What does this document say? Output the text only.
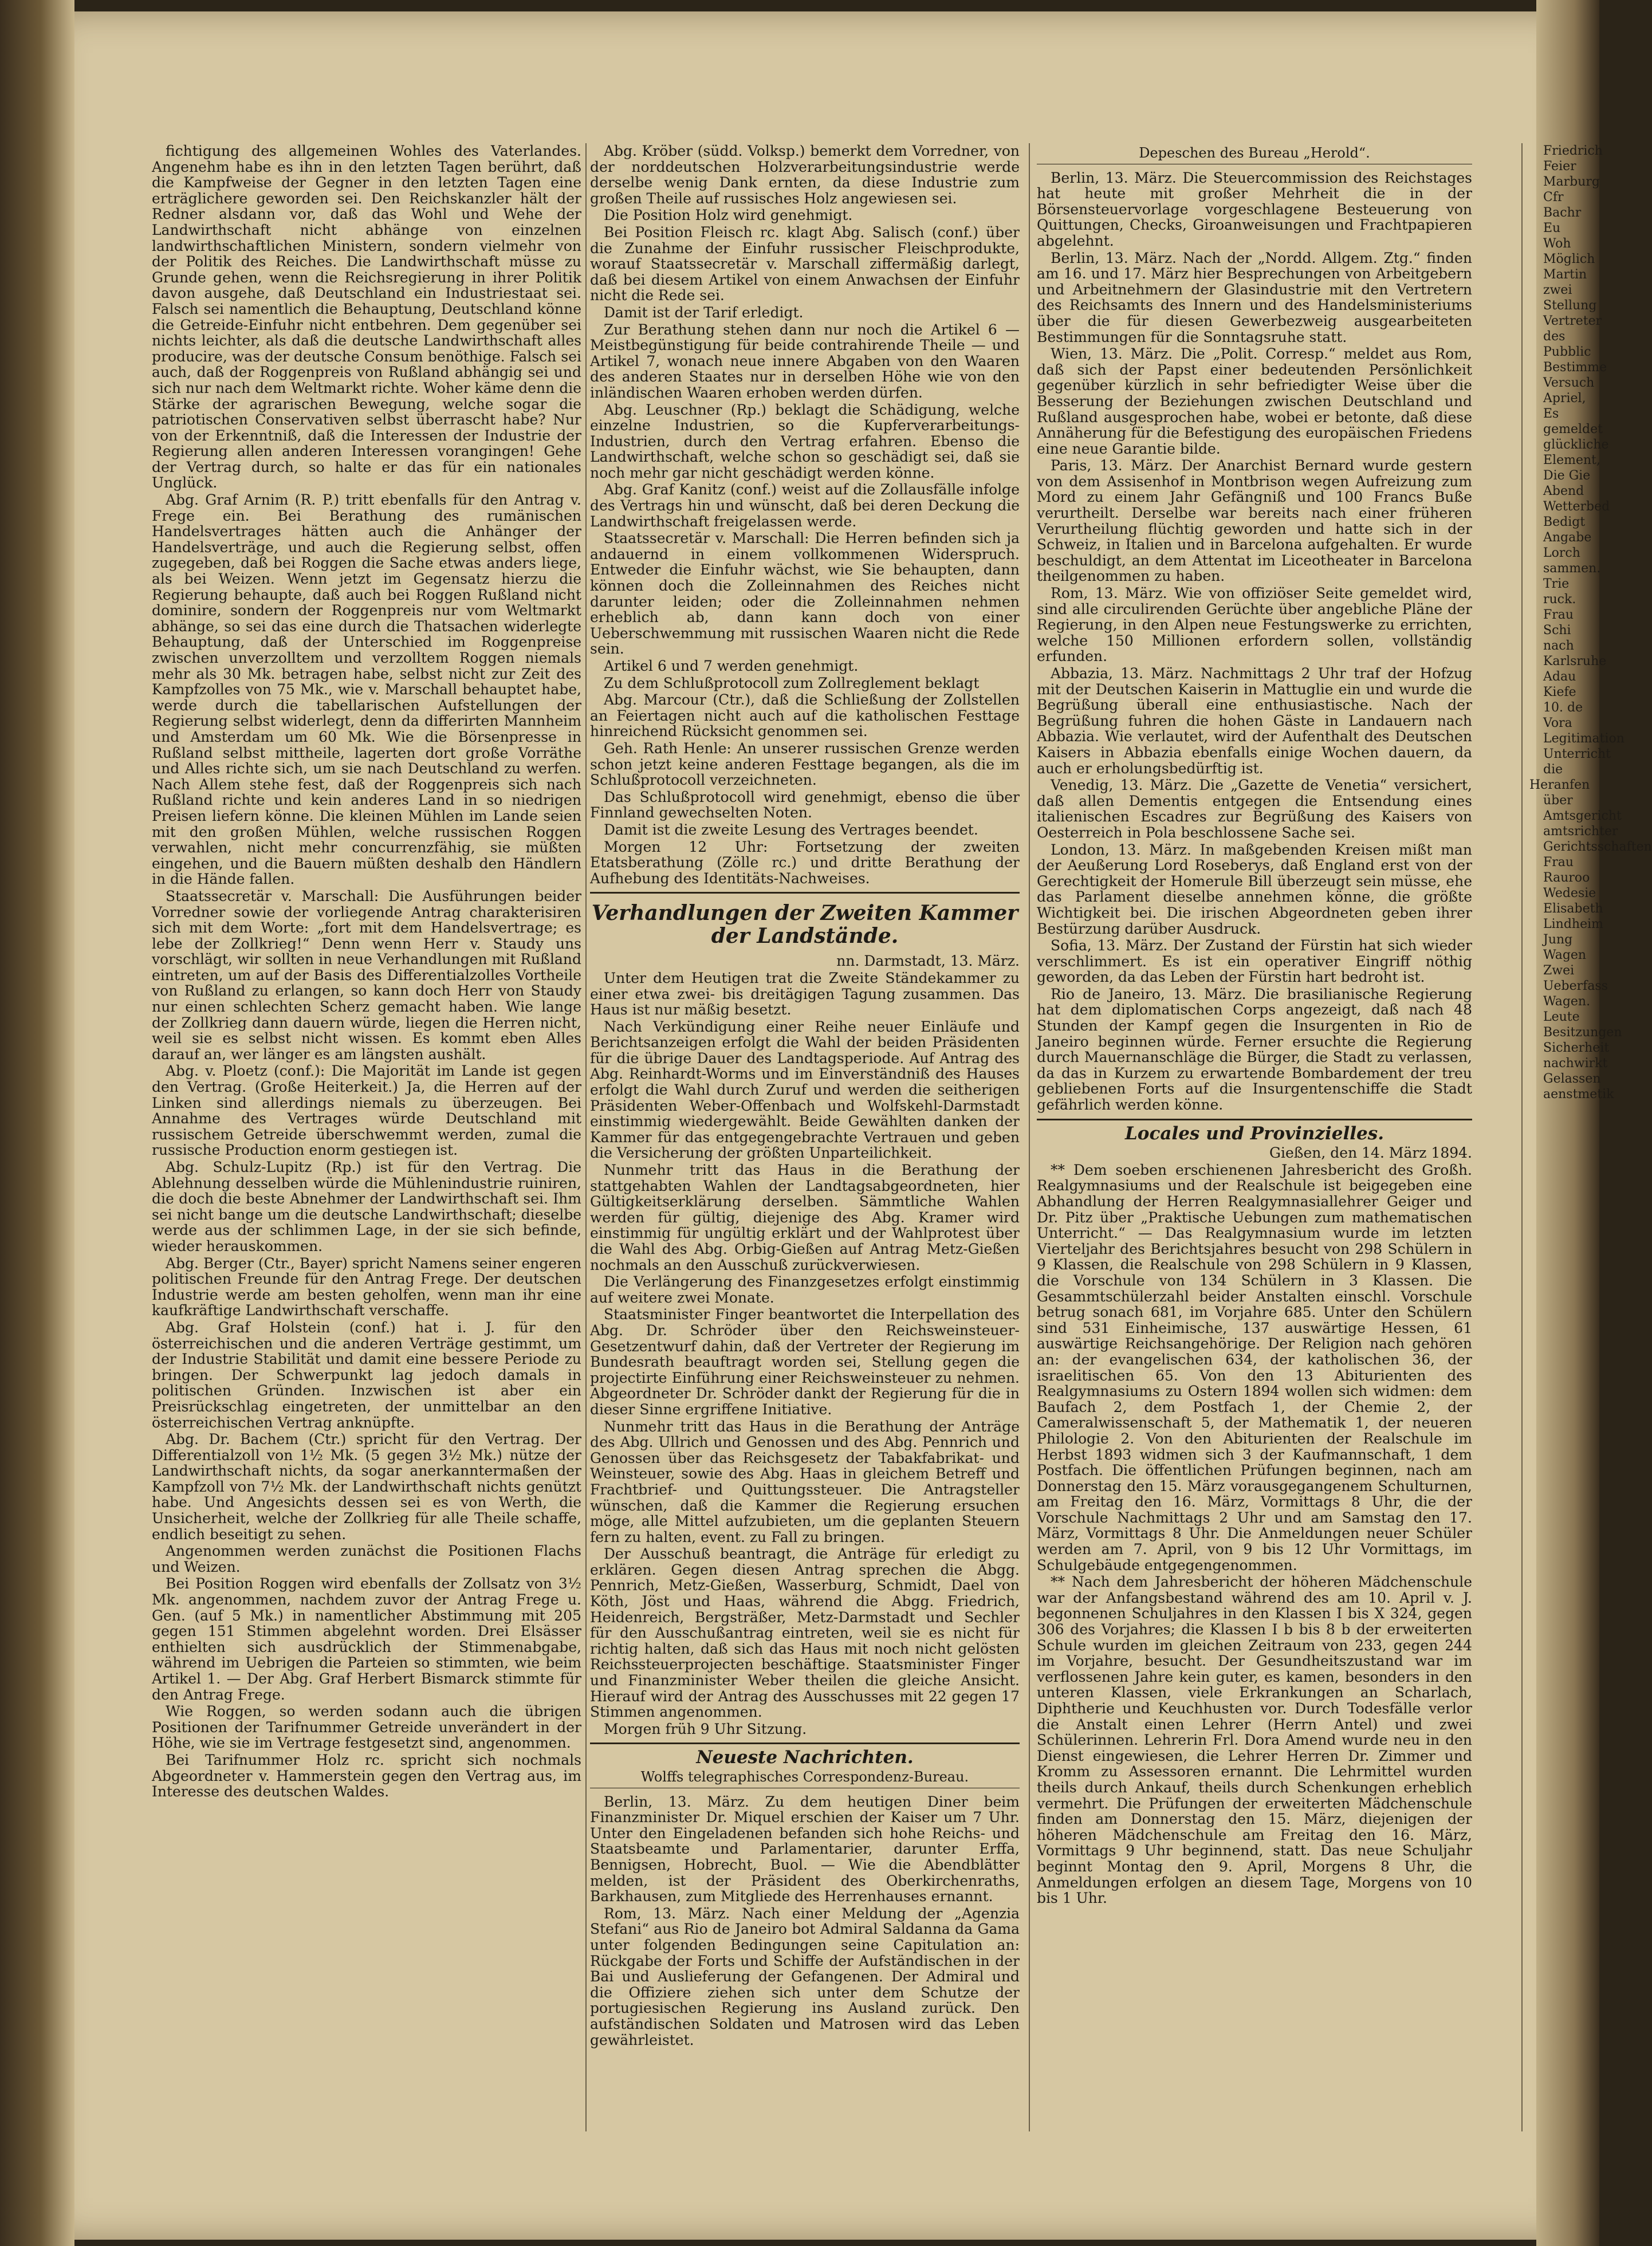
fichtigung des allgemeinen Wohles des Vaterlandes. Angenehm habe es ihn in den letzten Tagen berührt, daß die Kampfweise der Gegner in den letzten Tagen eine erträglichere geworden sei. Den Reichskanzler hält der Redner alsdann vor, daß das Wohl und Wehe der Landwirthschaft nicht abhänge von einzelnen landwirthschaftlichen Ministern, sondern vielmehr von der Politik des Reiches. Die Landwirthschaft müsse zu Grunde gehen, wenn die Reichsregierung in ihrer Politik davon ausgehe, daß Deutschland ein Industriestaat sei. Falsch sei namentlich die Behauptung, Deutschland könne die Getreide-Einfuhr nicht entbehren. Dem gegenüber sei nichts leichter, als daß die deutsche Landwirthschaft alles producire, was der deutsche Consum benöthige. Falsch sei auch, daß der Roggenpreis von Rußland abhängig sei und sich nur nach dem Weltmarkt richte. Woher käme denn die Stärke der agrarischen Bewegung, welche sogar die patriotischen Conservativen selbst überrascht habe? Nur von der Erkenntniß, daß die Interessen der Industrie der Regierung allen anderen Interessen vorangingen! Gehe der Vertrag durch, so halte er das für ein nationales Unglück.

Abg. Graf Arnim (R. P.) tritt ebenfalls für den Antrag v. Frege ein. Bei Berathung des rumänischen Handelsvertrages hätten auch die Anhänger der Handelsverträge, und auch die Regierung selbst, offen zugegeben, daß bei Roggen die Sache etwas anders liege, als bei Weizen. Wenn jetzt im Gegensatz hierzu die Regierung behaupte, daß auch bei Roggen Rußland nicht dominire, sondern der Roggenpreis nur vom Weltmarkt abhänge, so sei das eine durch die Thatsachen widerlegte Behauptung, daß der Unterschied im Roggenpreise zwischen unverzolltem und verzolltem Roggen niemals mehr als 30 Mk. betragen habe, selbst nicht zur Zeit des Kampfzolles von 75 Mk., wie v. Marschall behauptet habe, werde durch die tabellarischen Aufstellungen der Regierung selbst widerlegt, denn da differirten Mannheim und Amsterdam um 60 Mk. Wie die Börsenpresse in Rußland selbst mittheile, lagerten dort große Vorräthe und Alles richte sich, um sie nach Deutschland zu werfen. Nach Allem stehe fest, daß der Roggenpreis sich nach Rußland richte und kein anderes Land in so niedrigen Preisen liefern könne. Die kleinen Mühlen im Lande seien mit den großen Mühlen, welche russischen Roggen verwahlen, nicht mehr concurrenzfähig, sie müßten eingehen, und die Bauern müßten deshalb den Händlern in die Hände fallen.

Staatssecretär v. Marschall: Die Ausführungen beider Vorredner sowie der vorliegende Antrag charakterisiren sich mit dem Worte: „fort mit dem Handelsvertrage; es lebe der Zollkrieg!“ Denn wenn Herr v. Staudy uns vorschlägt, wir sollten in neue Verhandlungen mit Rußland eintreten, um auf der Basis des Differentialzolles Vortheile von Rußland zu erlangen, so kann doch Herr von Staudy nur einen schlechten Scherz gemacht haben. Wie lange der Zollkrieg dann dauern würde, liegen die Herren nicht, weil sie es selbst nicht wissen. Es kommt eben Alles darauf an, wer länger es am längsten aushält.

Abg. v. Ploetz (conf.): Die Majorität im Lande ist gegen den Vertrag. (Große Heiterkeit.) Ja, die Herren auf der Linken sind allerdings niemals zu überzeugen. Bei Annahme des Vertrages würde Deutschland mit russischem Getreide überschwemmt werden, zumal die russische Production enorm gestiegen ist.

Abg. Schulz-Lupitz (Rp.) ist für den Vertrag. Die Ablehnung desselben würde die Mühlenindustrie ruiniren, die doch die beste Abnehmer der Landwirthschaft sei. Ihm sei nicht bange um die deutsche Landwirthschaft; dieselbe werde aus der schlimmen Lage, in der sie sich befinde, wieder herauskommen.

Abg. Berger (Ctr., Bayer) spricht Namens seiner engeren politischen Freunde für den Antrag Frege. Der deutschen Industrie werde am besten geholfen, wenn man ihr eine kaufkräftige Landwirthschaft verschaffe.

Abg. Graf Holstein (conf.) hat i. J. für den österreichischen und die anderen Verträge gestimmt, um der Industrie Stabilität und damit eine bessere Periode zu bringen. Der Schwerpunkt lag jedoch damals in politischen Gründen. Inzwischen ist aber ein Preisrückschlag eingetreten, der unmittelbar an den österreichischen Vertrag anknüpfte.

Abg. Dr. Bachem (Ctr.) spricht für den Vertrag. Der Differentialzoll von 1½ Mk. (5 gegen 3½ Mk.) nütze der Landwirthschaft nichts, da sogar anerkanntermaßen der Kampfzoll von 7½ Mk. der Landwirthschaft nichts genützt habe. Und Angesichts dessen sei es von Werth, die Unsicherheit, welche der Zollkrieg für alle Theile schaffe, endlich beseitigt zu sehen.

Angenommen werden zunächst die Positionen Flachs und Weizen.

Bei Position Roggen wird ebenfalls der Zollsatz von 3½ Mk. angenommen, nachdem zuvor der Antrag Frege u. Gen. (auf 5 Mk.) in namentlicher Abstimmung mit 205 gegen 151 Stimmen abgelehnt worden. Drei Elsässer enthielten sich ausdrücklich der Stimmenabgabe, während im Uebrigen die Parteien so stimmten, wie beim Artikel 1. — Der Abg. Graf Herbert Bismarck stimmte für den Antrag Frege.

Wie Roggen, so werden sodann auch die übrigen Positionen der Tarifnummer Getreide unverändert in der Höhe, wie sie im Vertrage festgesetzt sind, angenommen.

Bei Tarifnummer Holz rc. spricht sich nochmals Abgeordneter v. Hammerstein gegen den Vertrag aus, im Interesse des deutschen Waldes.

Abg. Kröber (südd. Volksp.) bemerkt dem Vorredner, von der norddeutschen Holzverarbeitungsindustrie werde derselbe wenig Dank ernten, da diese Industrie zum großen Theile auf russisches Holz angewiesen sei.

Die Position Holz wird genehmigt.

Bei Position Fleisch rc. klagt Abg. Salisch (conf.) über die Zunahme der Einfuhr russischer Fleischprodukte, worauf Staatssecretär v. Marschall ziffermäßig darlegt, daß bei diesem Artikel von einem Anwachsen der Einfuhr nicht die Rede sei.

Damit ist der Tarif erledigt.

Zur Berathung stehen dann nur noch die Artikel 6 — Meistbegünstigung für beide contrahirende Theile — und Artikel 7, wonach neue innere Abgaben von den Waaren des anderen Staates nur in derselben Höhe wie von den inländischen Waaren erhoben werden dürfen.

Abg. Leuschner (Rp.) beklagt die Schädigung, welche einzelne Industrien, so die Kupferverarbeitungs-Industrien, durch den Vertrag erfahren. Ebenso die Landwirthschaft, welche schon so geschädigt sei, daß sie noch mehr gar nicht geschädigt werden könne.

Abg. Graf Kanitz (conf.) weist auf die Zollausfälle infolge des Vertrags hin und wünscht, daß bei deren Deckung die Landwirthschaft freigelassen werde.

Staatssecretär v. Marschall: Die Herren befinden sich ja andauernd in einem vollkommenen Widerspruch. Entweder die Einfuhr wächst, wie Sie behaupten, dann können doch die Zolleinnahmen des Reiches nicht darunter leiden; oder die Zolleinnahmen nehmen erheblich ab, dann kann doch von einer Ueberschwemmung mit russischen Waaren nicht die Rede sein.

Artikel 6 und 7 werden genehmigt.

Zu dem Schlußprotocoll zum Zollreglement beklagt

Abg. Marcour (Ctr.), daß die Schließung der Zollstellen an Feiertagen nicht auch auf die katholischen Festtage hinreichend Rücksicht genommen sei.

Geh. Rath Henle: An unserer russischen Grenze werden schon jetzt keine anderen Festtage begangen, als die im Schlußprotocoll verzeichneten.

Das Schlußprotocoll wird genehmigt, ebenso die über Finnland gewechselten Noten.

Damit ist die zweite Lesung des Vertrages beendet.

Morgen 12 Uhr: Fortsetzung der zweiten Etatsberathung (Zölle rc.) und dritte Berathung der Aufhebung des Identitäts-Nachweises.

Verhandlungen der Zweiten Kammer der Landstände.

nn. Darmstadt, 13. März.

Unter dem Heutigen trat die Zweite Ständekammer zu einer etwa zwei- bis dreitägigen Tagung zusammen. Das Haus ist nur mäßig besetzt.

Nach Verkündigung einer Reihe neuer Einläufe und Berichtsanzeigen erfolgt die Wahl der beiden Präsidenten für die übrige Dauer des Landtagsperiode. Auf Antrag des Abg. Reinhardt-Worms und im Einverständniß des Hauses erfolgt die Wahl durch Zuruf und werden die seitherigen Präsidenten Weber-Offenbach und Wolfskehl-Darmstadt einstimmig wiedergewählt. Beide Gewählten danken der Kammer für das entgegengebrachte Vertrauen und geben die Versicherung der größten Unparteilichkeit.

Nunmehr tritt das Haus in die Berathung der stattgehabten Wahlen der Landtagsabgeordneten, hier Gültigkeitserklärung derselben. Sämmtliche Wahlen werden für gültig, diejenige des Abg. Kramer wird einstimmig für ungültig erklärt und der Wahlprotest über die Wahl des Abg. Orbig-Gießen auf Antrag Metz-Gießen nochmals an den Ausschuß zurückverwiesen.

Die Verlängerung des Finanzgesetzes erfolgt einstimmig auf weitere zwei Monate.

Staatsminister Finger beantwortet die Interpellation des Abg. Dr. Schröder über den Reichsweinsteuer-Gesetzentwurf dahin, daß der Vertreter der Regierung im Bundesrath beauftragt worden sei, Stellung gegen die projectirte Einführung einer Reichsweinsteuer zu nehmen. Abgeordneter Dr. Schröder dankt der Regierung für die in dieser Sinne ergriffene Initiative.

Nunmehr tritt das Haus in die Berathung der Anträge des Abg. Ullrich und Genossen und des Abg. Pennrich und Genossen über das Reichsgesetz der Tabakfabrikat- und Weinsteuer, sowie des Abg. Haas in gleichem Betreff und Frachtbrief- und Quittungssteuer. Die Antragsteller wünschen, daß die Kammer die Regierung ersuchen möge, alle Mittel aufzubieten, um die geplanten Steuern fern zu halten, event. zu Fall zu bringen.

Der Ausschuß beantragt, die Anträge für erledigt zu erklären. Gegen diesen Antrag sprechen die Abgg. Pennrich, Metz-Gießen, Wasserburg, Schmidt, Dael von Köth, Jöst und Haas, während die Abgg. Friedrich, Heidenreich, Bergsträßer, Metz-Darmstadt und Sechler für den Ausschußantrag eintreten, weil sie es nicht für richtig halten, daß sich das Haus mit noch nicht gelösten Reichssteuerprojecten beschäftige. Staatsminister Finger und Finanzminister Weber theilen die gleiche Ansicht. Hierauf wird der Antrag des Ausschusses mit 22 gegen 17 Stimmen angenommen.

Morgen früh 9 Uhr Sitzung.

Neueste Nachrichten.

Wolffs telegraphisches Correspondenz-Bureau.

Berlin, 13. März. Zu dem heutigen Diner beim Finanzminister Dr. Miquel erschien der Kaiser um 7 Uhr. Unter den Eingeladenen befanden sich hohe Reichs- und Staatsbeamte und Parlamentarier, darunter Erffa, Bennigsen, Hobrecht, Buol. — Wie die Abendblätter melden, ist der Präsident des Oberkirchenraths, Barkhausen, zum Mitgliede des Herrenhauses ernannt.

Rom, 13. März. Nach einer Meldung der „Agenzia Stefani“ aus Rio de Janeiro bot Admiral Saldanna da Gama unter folgenden Bedingungen seine Capitulation an: Rückgabe der Forts und Schiffe der Aufständischen in der Bai und Auslieferung der Gefangenen. Der Admiral und die Offiziere ziehen sich unter dem Schutze der portugiesischen Regierung ins Ausland zurück. Den aufständischen Soldaten und Matrosen wird das Leben gewährleistet.

Depeschen des Bureau „Herold“.

Berlin, 13. März. Die Steuercommission des Reichstages hat heute mit großer Mehrheit die in der Börsensteuervorlage vorgeschlagene Besteuerung von Quittungen, Checks, Giroanweisungen und Frachtpapieren abgelehnt.

Berlin, 13. März. Nach der „Nordd. Allgem. Ztg.“ finden am 16. und 17. März hier Besprechungen von Arbeitgebern und Arbeitnehmern der Glasindustrie mit den Vertretern des Reichsamts des Innern und des Handelsministeriums über die für diesen Gewerbezweig ausgearbeiteten Bestimmungen für die Sonntagsruhe statt.

Wien, 13. März. Die „Polit. Corresp.“ meldet aus Rom, daß sich der Papst einer bedeutenden Persönlichkeit gegenüber kürzlich in sehr befriedigter Weise über die Besserung der Beziehungen zwischen Deutschland und Rußland ausgesprochen habe, wobei er betonte, daß diese Annäherung für die Befestigung des europäischen Friedens eine neue Garantie bilde.

Paris, 13. März. Der Anarchist Bernard wurde gestern von dem Assisenhof in Montbrison wegen Aufreizung zum Mord zu einem Jahr Gefängniß und 100 Francs Buße verurtheilt. Derselbe war bereits nach einer früheren Verurtheilung flüchtig geworden und hatte sich in der Schweiz, in Italien und in Barcelona aufgehalten. Er wurde beschuldigt, an dem Attentat im Liceotheater in Barcelona theilgenommen zu haben.

Rom, 13. März. Wie von offiziöser Seite gemeldet wird, sind alle circulirenden Gerüchte über angebliche Pläne der Regierung, in den Alpen neue Festungswerke zu errichten, welche 150 Millionen erfordern sollen, vollständig erfunden.

Abbazia, 13. März. Nachmittags 2 Uhr traf der Hofzug mit der Deutschen Kaiserin in Mattuglie ein und wurde die Begrüßung überall eine enthusiastische. Nach der Begrüßung fuhren die hohen Gäste in Landauern nach Abbazia. Wie verlautet, wird der Aufenthalt des Deutschen Kaisers in Abbazia ebenfalls einige Wochen dauern, da auch er erholungsbedürftig ist.

Venedig, 13. März. Die „Gazette de Venetia“ versichert, daß allen Dementis entgegen die Entsendung eines italienischen Escadres zur Begrüßung des Kaisers von Oesterreich in Pola beschlossene Sache sei.

London, 13. März. In maßgebenden Kreisen mißt man der Aeußerung Lord Roseberys, daß England erst von der Gerechtigkeit der Homerule Bill überzeugt sein müsse, ehe das Parlament dieselbe annehmen könne, die größte Wichtigkeit bei. Die irischen Abgeordneten geben ihrer Bestürzung darüber Ausdruck.

Sofia, 13. März. Der Zustand der Fürstin hat sich wieder verschlimmert. Es ist ein operativer Eingriff nöthig geworden, da das Leben der Fürstin hart bedroht ist.

Rio de Janeiro, 13. März. Die brasilianische Regierung hat dem diplomatischen Corps angezeigt, daß nach 48 Stunden der Kampf gegen die Insurgenten in Rio de Janeiro beginnen würde. Ferner ersuchte die Regierung durch Mauernanschläge die Bürger, die Stadt zu verlassen, da das in Kurzem zu erwartende Bombardement der treu gebliebenen Forts auf die Insurgentenschiffe die Stadt gefährlich werden könne.

Locales und Provinzielles.

Gießen, den 14. März 1894.

** Dem soeben erschienenen Jahresbericht des Großh. Realgymnasiums und der Realschule ist beigegeben eine Abhandlung der Herren Realgymnasiallehrer Geiger und Dr. Pitz über „Praktische Uebungen zum mathematischen Unterricht.“ — Das Realgymnasium wurde im letzten Vierteljahr des Berichtsjahres besucht von 298 Schülern in 9 Klassen, die Realschule von 298 Schülern in 9 Klassen, die Vorschule von 134 Schülern in 3 Klassen. Die Gesammtschülerzahl beider Anstalten einschl. Vorschule betrug sonach 681, im Vorjahre 685. Unter den Schülern sind 531 Einheimische, 137 auswärtige Hessen, 61 auswärtige Reichsangehörige. Der Religion nach gehören an: der evangelischen 634, der katholischen 36, der israelitischen 65. Von den 13 Abiturienten des Realgymnasiums zu Ostern 1894 wollen sich widmen: dem Baufach 2, dem Postfach 1, der Chemie 2, der Cameralwissenschaft 5, der Mathematik 1, der neueren Philologie 2. Von den Abiturienten der Realschule im Herbst 1893 widmen sich 3 der Kaufmannschaft, 1 dem Postfach. Die öffentlichen Prüfungen beginnen, nach am Donnerstag den 15. März vorausgegangenem Schulturnen, am Freitag den 16. März, Vormittags 8 Uhr, die der Vorschule Nachmittags 2 Uhr und am Samstag den 17. März, Vormittags 8 Uhr. Die Anmeldungen neuer Schüler werden am 7. April, von 9 bis 12 Uhr Vormittags, im Schulgebäude entgegengenommen.

** Nach dem Jahresbericht der höheren Mädchenschule war der Anfangsbestand während des am 10. April v. J. begonnenen Schuljahres in den Klassen I bis X 324, gegen 306 des Vorjahres; die Klassen I b bis 8 b der erweiterten Schule wurden im gleichen Zeitraum von 233, gegen 244 im Vorjahre, besucht. Der Gesundheitszustand war im verflossenen Jahre kein guter, es kamen, besonders in den unteren Klassen, viele Erkrankungen an Scharlach, Diphtherie und Keuchhusten vor. Durch Todesfälle verlor die Anstalt einen Lehrer (Herrn Antel) und zwei Schülerinnen. Lehrerin Frl. Dora Amend wurde neu in den Dienst eingewiesen, die Lehrer Herren Dr. Zimmer und Kromm zu Assessoren ernannt. Die Lehrmittel wurden theils durch Ankauf, theils durch Schenkungen erheblich vermehrt. Die Prüfungen der erweiterten Mädchenschule finden am Donnerstag den 15. März, diejenigen der höheren Mädchenschule am Freitag den 16. März, Vormittags 9 Uhr beginnend, statt. Das neue Schuljahr beginnt Montag den 9. April, Morgens 8 Uhr, die Anmeldungen erfolgen an diesem Tage, Morgens von 10 bis 1 Uhr.

Friedrich

Feier

Marburg

Cfr

Bachr

Eu

Woh

Möglich

Martin

zwei

Stellung

Vertreter

des

Pubblic

Bestimme

Versuch

Apriel,

Es

gemeldet

glückliche

Element,

Die Gie

Abend

Wetterbed

Bedigt

Angabe

Lorch

sammen.

Trie

ruck.

Frau

Schi

nach

Karlsruhe

Adau

Kiefe

10. de

Vora

Legitimation

Unterricht

die Heranfen

über

Amtsgericht

amtsrichter

Gerichtsschaften

Frau

Rauroo

Wedesie

Elisabeth

Lindheim

Jung

Wagen

Zwei

Ueberfass

Wagen.

Leute

Besitzungen

Sicherheit

nachwirkt

Gelassen

aenstmetik
